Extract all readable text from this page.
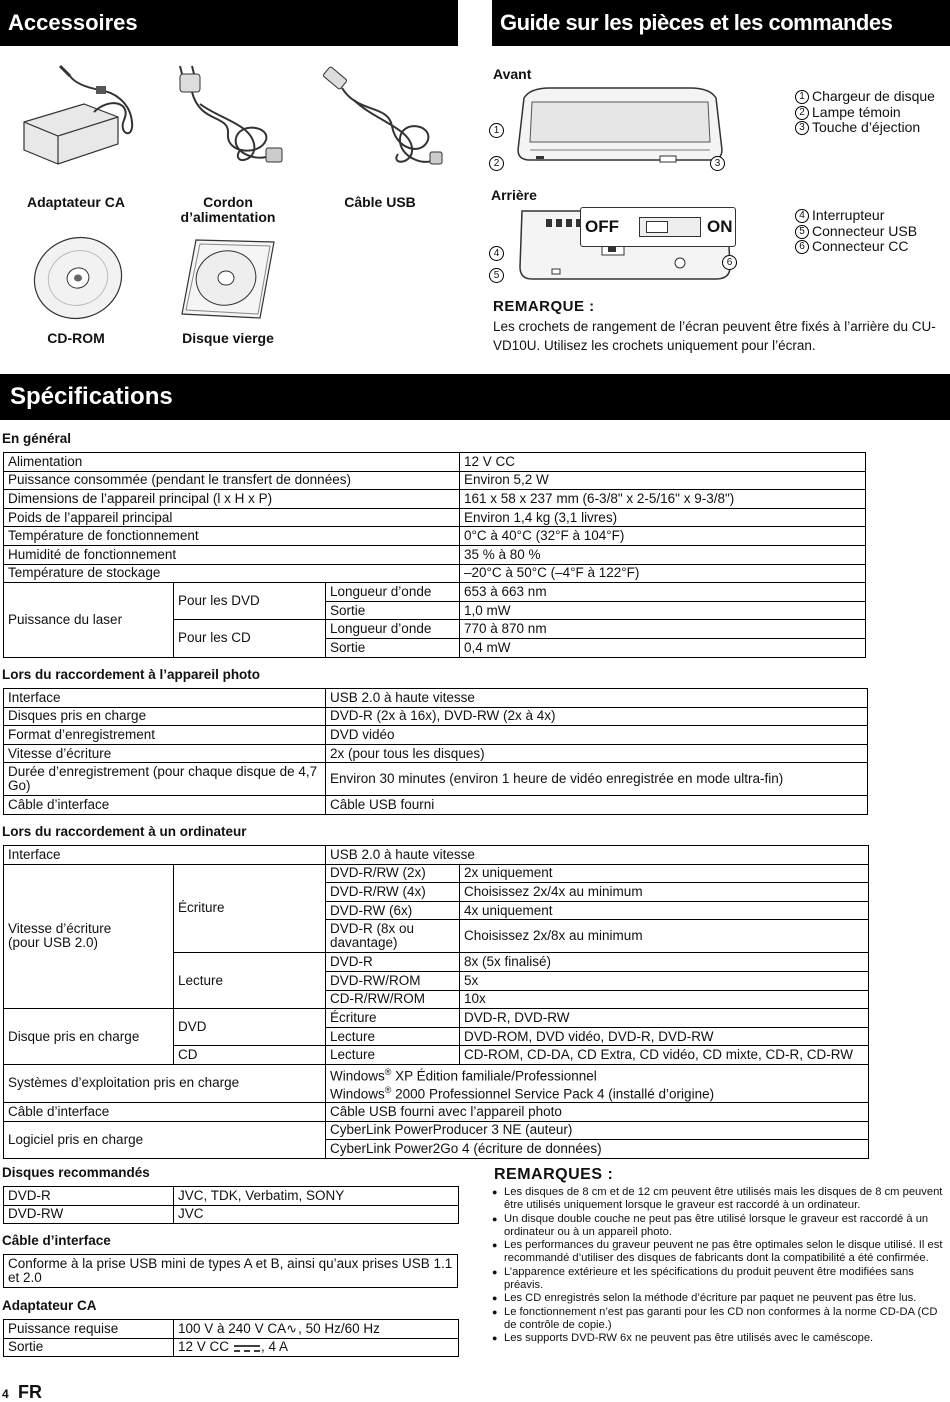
Accessoires	Guide sur les pièces et les commandes
Spécifications
Adaptateur CA	Cordon
d’alimentation
Câble USB
CD-ROM	Disque vierge
Avant
1
2	3
1 Chargeur de disque
2 Lampe témoin
3 Touche d’éjection
Arrière
OFF	ON
4
5
6
4 Interrupteur
5 Connecteur USB
6 Connecteur CC
REMARQUE :
Les crochets de rangement de l’écran peuvent être fixés à l’arrière du CU-VD10U. Utilisez les crochets uniquement pour l’écran.
En général
Alimentation			12 V CC
Puissance consommée (pendant le transfert de données)			Environ 5,2 W
Dimensions de l’appareil principal (l x H x P)			161 x 58 x 237 mm (6-3/8" x 2-5/16" x 9-3/8")
Poids de l’appareil principal			Environ 1,4 kg (3,1 livres)
Température de fonctionnement			0°C à 40°C (32°F à 104°F)
Humidité de fonctionnement			35 % à 80 %
Température de stockage			–20°C à 50°C (–4°F à 122°F)
Puissance du laser	Pour les DVD	Longueur d’onde	653 à 663 nm
		Sortie	1,0 mW
	Pour les CD	Longueur d’onde	770 à 870 nm
		Sortie	0,4 mW
Lors du raccordement à l’appareil photo
Interface	USB 2.0 à haute vitesse
Disques pris en charge	DVD-R (2x à 16x), DVD-RW (2x à 4x)
Format d’enregistrement	DVD vidéo
Vitesse d’écriture	2x (pour tous les disques)
Durée d’enregistrement (pour chaque disque de 4,7 Go)	Environ 30 minutes (environ 1 heure de vidéo enregistrée en mode ultra-fin)
Câble d’interface	Câble USB fourni
Lors du raccordement à un ordinateur
Interface		USB 2.0 à haute vitesse	
Vitesse d’écriture
(pour USB 2.0)	Écriture	DVD-R/RW (2x)	2x uniquement
		DVD-R/RW (4x)	Choisissez 2x/4x au minimum
		DVD-RW (6x)	4x uniquement
		DVD-R (8x ou davantage)	Choisissez 2x/8x au minimum
	Lecture	DVD-R	8x (5x finalisé)
		DVD-RW/ROM	5x
		CD-R/RW/ROM	10x
Disque pris en charge	DVD	Écriture	DVD-R, DVD-RW
		Lecture	DVD-ROM, DVD vidéo, DVD-R, DVD-RW
	CD	Lecture	CD-ROM, CD-DA, CD Extra, CD vidéo, CD mixte, CD-R, CD-RW
Systèmes d’exploitation pris en charge		Windows® XP Édition familiale/Professionnel
Windows® 2000 Professionnel Service Pack 4 (installé d’origine)	

Câble d’interface		Câble USB fourni avec l’appareil photo	
Logiciel pris en charge		CyberLink PowerProducer 3 NE (auteur)	
		CyberLink Power2Go 4 (écriture de données)	
Disques recommandés
DVD-R	JVC, TDK, Verbatim, SONY
DVD-RW	JVC
Câble d’interface
Conforme à la prise USB mini de types A et B, ainsi qu’aux prises USB 1.1 et 2.0
Adaptateur CA
Puissance requise	100 V à 240 V CA∿, 50 Hz/60 Hz
Sortie	12 V CC , 4 A
REMARQUES :
● Les disques de 8 cm et de 12 cm peuvent être utilisés mais les disques de 8 cm peuvent être utilisés uniquement lorsque le graveur est raccordé à un ordinateur.
● Un disque double couche ne peut pas être utilisé lorsque le graveur est raccordé à un ordinateur ou à un appareil photo.
● Les performances du graveur peuvent ne pas être optimales selon le disque utilisé. Il est recommandé d’utiliser des disques de fabricants dont la compatibilité a été confirmée.
● L’apparence extérieure et les spécifications du produit peuvent être modifiées sans préavis.
● Les CD enregistrés selon la méthode d’écriture par paquet ne peuvent pas être lus.
● Le fonctionnement n’est pas garanti pour les CD non conformes à la norme CD-DA (CD de contrôle de copie.)
● Les supports DVD-RW 6x ne peuvent pas être utilisés avec le caméscope.
4 FR
